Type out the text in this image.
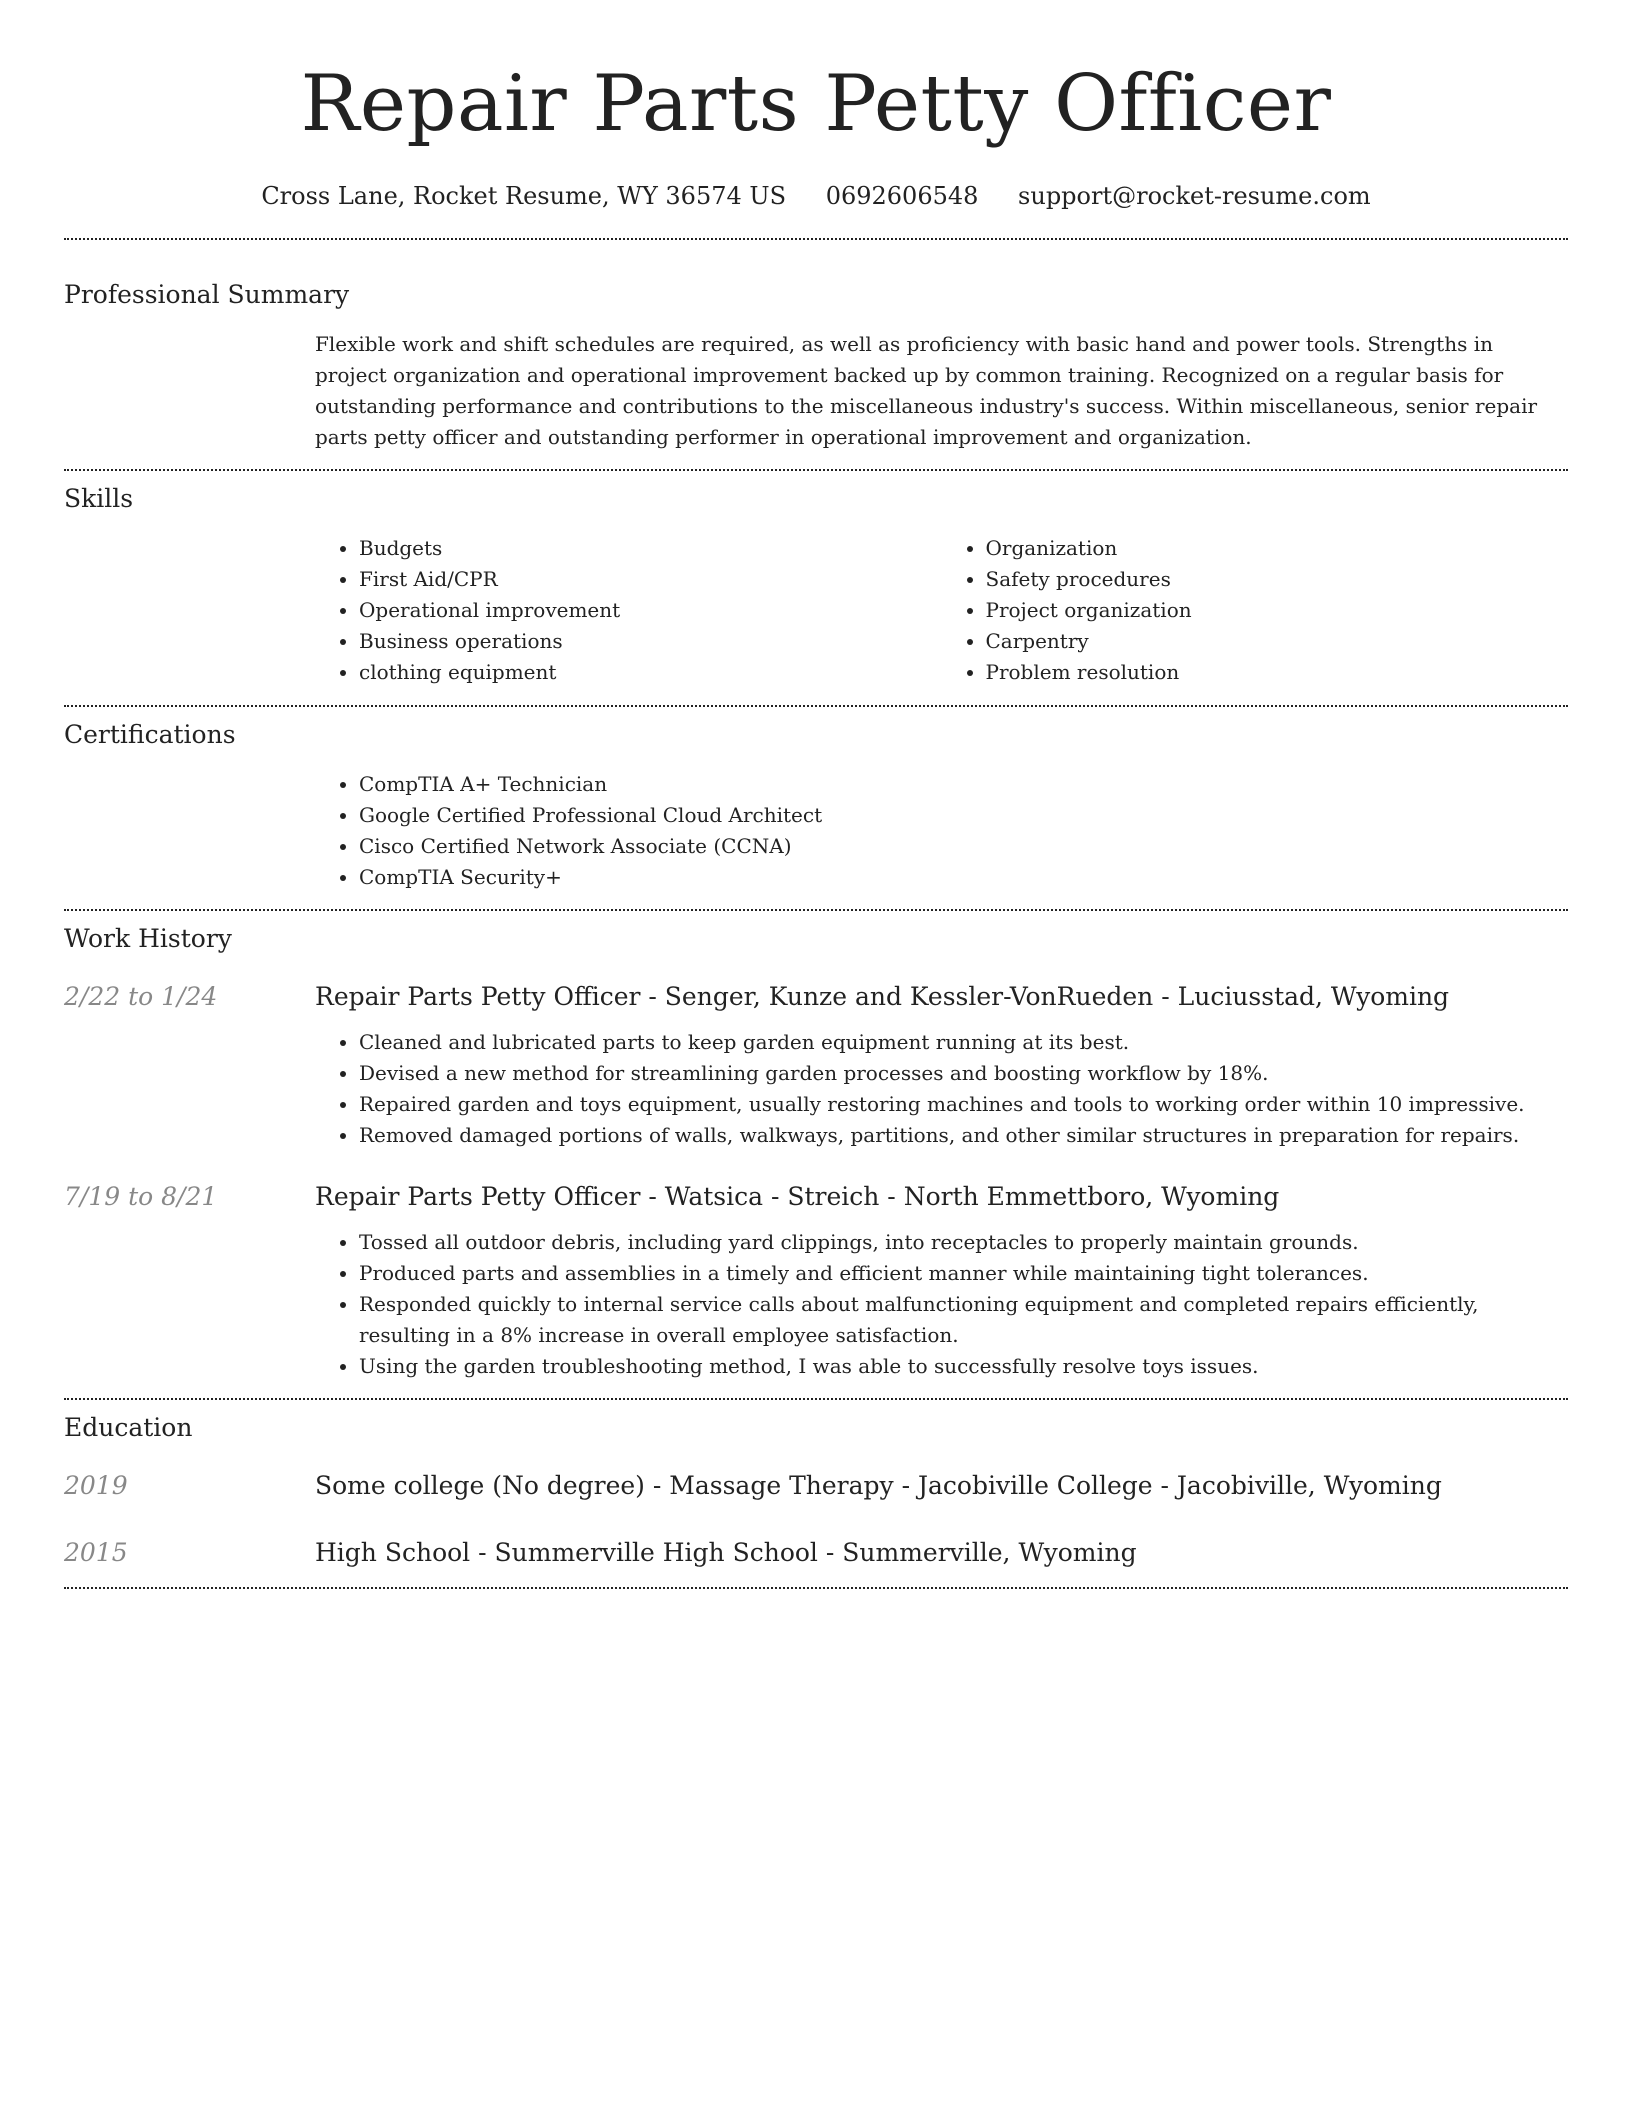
Repair Parts Petty Officer
Cross Lane, Rocket Resume, WY 36574 US 0692606548 support@rocket-resume.com
Professional Summary

Flexible work and shift schedules are required, as well as proficiency with basic hand and power tools. Strengths in project organization and operational improvement backed up by common training. Recognized on a regular basis for outstanding performance and contributions to the miscellaneous industry's success. Within miscellaneous, senior repair parts petty officer and outstanding performer in operational improvement and organization.

Skills
• Budgets
• First Aid/CPR
• Operational improvement
• Business operations
• clothing equipment
• Organization
• Safety procedures
• Project organization
• Carpentry
• Problem resolution
Certifications
• CompTIA A+ Technician
• Google Certified Professional Cloud Architect
• Cisco Certified Network Associate (CCNA)
• CompTIA Security+
Work History
2/22 to 1/24	Repair Parts Petty Officer - Senger, Kunze and Kessler-VonRueden - Luciusstad, Wyoming

• Cleaned and lubricated parts to keep garden equipment running at its best.
• Devised a new method for streamlining garden processes and boosting workflow by 18%.
• Repaired garden and toys equipment, usually restoring machines and tools to working order within 10 impressive.
• Removed damaged portions of walls, walkways, partitions, and other similar structures in preparation for repairs.
7/19 to 8/21	Repair Parts Petty Officer - Watsica - Streich - North Emmettboro, Wyoming

• Tossed all outdoor debris, including yard clippings, into receptacles to properly maintain grounds.
• Produced parts and assemblies in a timely and efficient manner while maintaining tight tolerances.
• Responded quickly to internal service calls about malfunctioning equipment and completed repairs efficiently, resulting in a 8% increase in overall employee satisfaction.
• Using the garden troubleshooting method, I was able to successfully resolve toys issues.
Education
2019	Some college (No degree) - Massage Therapy - Jacobiville College - Jacobiville, Wyoming

2015	High School - Summerville High School - Summerville, Wyoming
